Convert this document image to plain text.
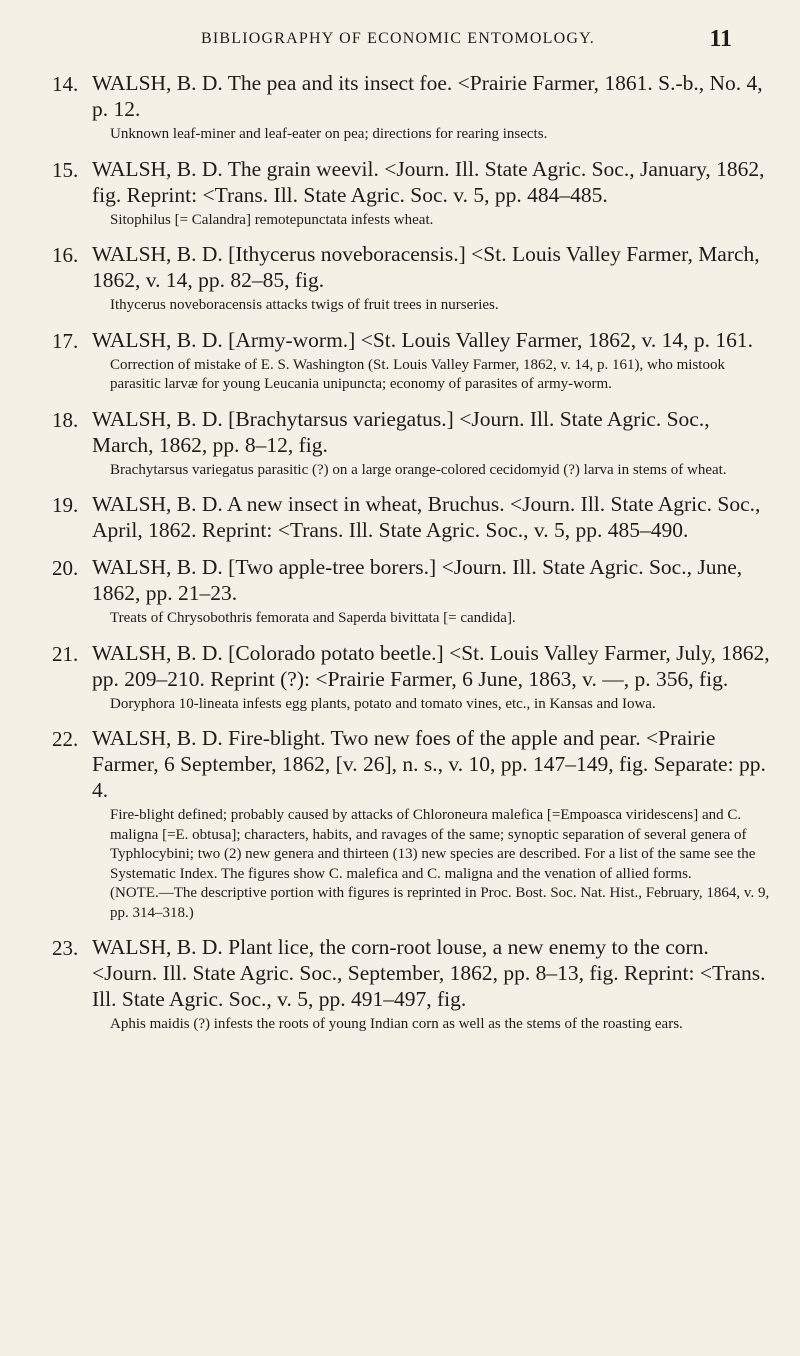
BIBLIOGRAPHY OF ECONOMIC ENTOMOLOGY.	11
14. WALSH, B. D. The pea and its insect foe. <Prairie Farmer, 1861. S.-b., No. 4, p. 12.

Unknown leaf-miner and leaf-eater on pea; directions for rearing insects.

15. WALSH, B. D. The grain weevil. <Journ. Ill. State Agric. Soc., January, 1862, fig. Reprint: <Trans. Ill. State Agric. Soc. v. 5, pp. 484–485.

Sitophilus [= Calandra] remotepunctata infests wheat.

16. WALSH, B. D. [Ithycerus noveboracensis.] <St. Louis Valley Farmer, March, 1862, v. 14, pp. 82–85, fig.

Ithycerus noveboracensis attacks twigs of fruit trees in nurseries.

17. WALSH, B. D. [Army-worm.] <St. Louis Valley Farmer, 1862, v. 14, p. 161.

Correction of mistake of E. S. Washington (St. Louis Valley Farmer, 1862, v. 14, p. 161), who mistook parasitic larvæ for young Leucania unipuncta; economy of parasites of army-worm.

18. WALSH, B. D. [Brachytarsus variegatus.] <Journ. Ill. State Agric. Soc., March, 1862, pp. 8–12, fig.

Brachytarsus variegatus parasitic (?) on a large orange-colored cecidomyid (?) larva in stems of wheat.

19. WALSH, B. D. A new insect in wheat, Bruchus. <Journ. Ill. State Agric. Soc., April, 1862. Reprint: <Trans. Ill. State Agric. Soc., v. 5, pp. 485–490.
20. WALSH, B. D. [Two apple-tree borers.] <Journ. Ill. State Agric. Soc., June, 1862, pp. 21–23.

Treats of Chrysobothris femorata and Saperda bivittata [= candida].

21. WALSH, B. D. [Colorado potato beetle.] <St. Louis Valley Farmer, July, 1862, pp. 209–210. Reprint (?): <Prairie Farmer, 6 June, 1863, v. —, p. 356, fig.

Doryphora 10-lineata infests egg plants, potato and tomato vines, etc., in Kansas and Iowa.

22. WALSH, B. D. Fire-blight. Two new foes of the apple and pear. <Prairie Farmer, 6 September, 1862, [v. 26], n. s., v. 10, pp. 147–149, fig. Separate: pp. 4.

Fire-blight defined; probably caused by attacks of Chloroneura malefica [=Empoasca viridescens] and C. maligna [=E. obtusa]; characters, habits, and ravages of the same; synoptic separation of several genera of Typhlocybini; two (2) new genera and thirteen (13) new species are described. For a list of the same see the Systematic Index. The figures show C. malefica and C. maligna and the venation of allied forms.

(NOTE.—The descriptive portion with figures is reprinted in Proc. Bost. Soc. Nat. Hist., February, 1864, v. 9, pp. 314–318.)

23. WALSH, B. D. Plant lice, the corn-root louse, a new enemy to the corn. <Journ. Ill. State Agric. Soc., September, 1862, pp. 8–13, fig. Reprint: <Trans. Ill. State Agric. Soc., v. 5, pp. 491–497, fig.

Aphis maidis (?) infests the roots of young Indian corn as well as the stems of the roasting ears.
